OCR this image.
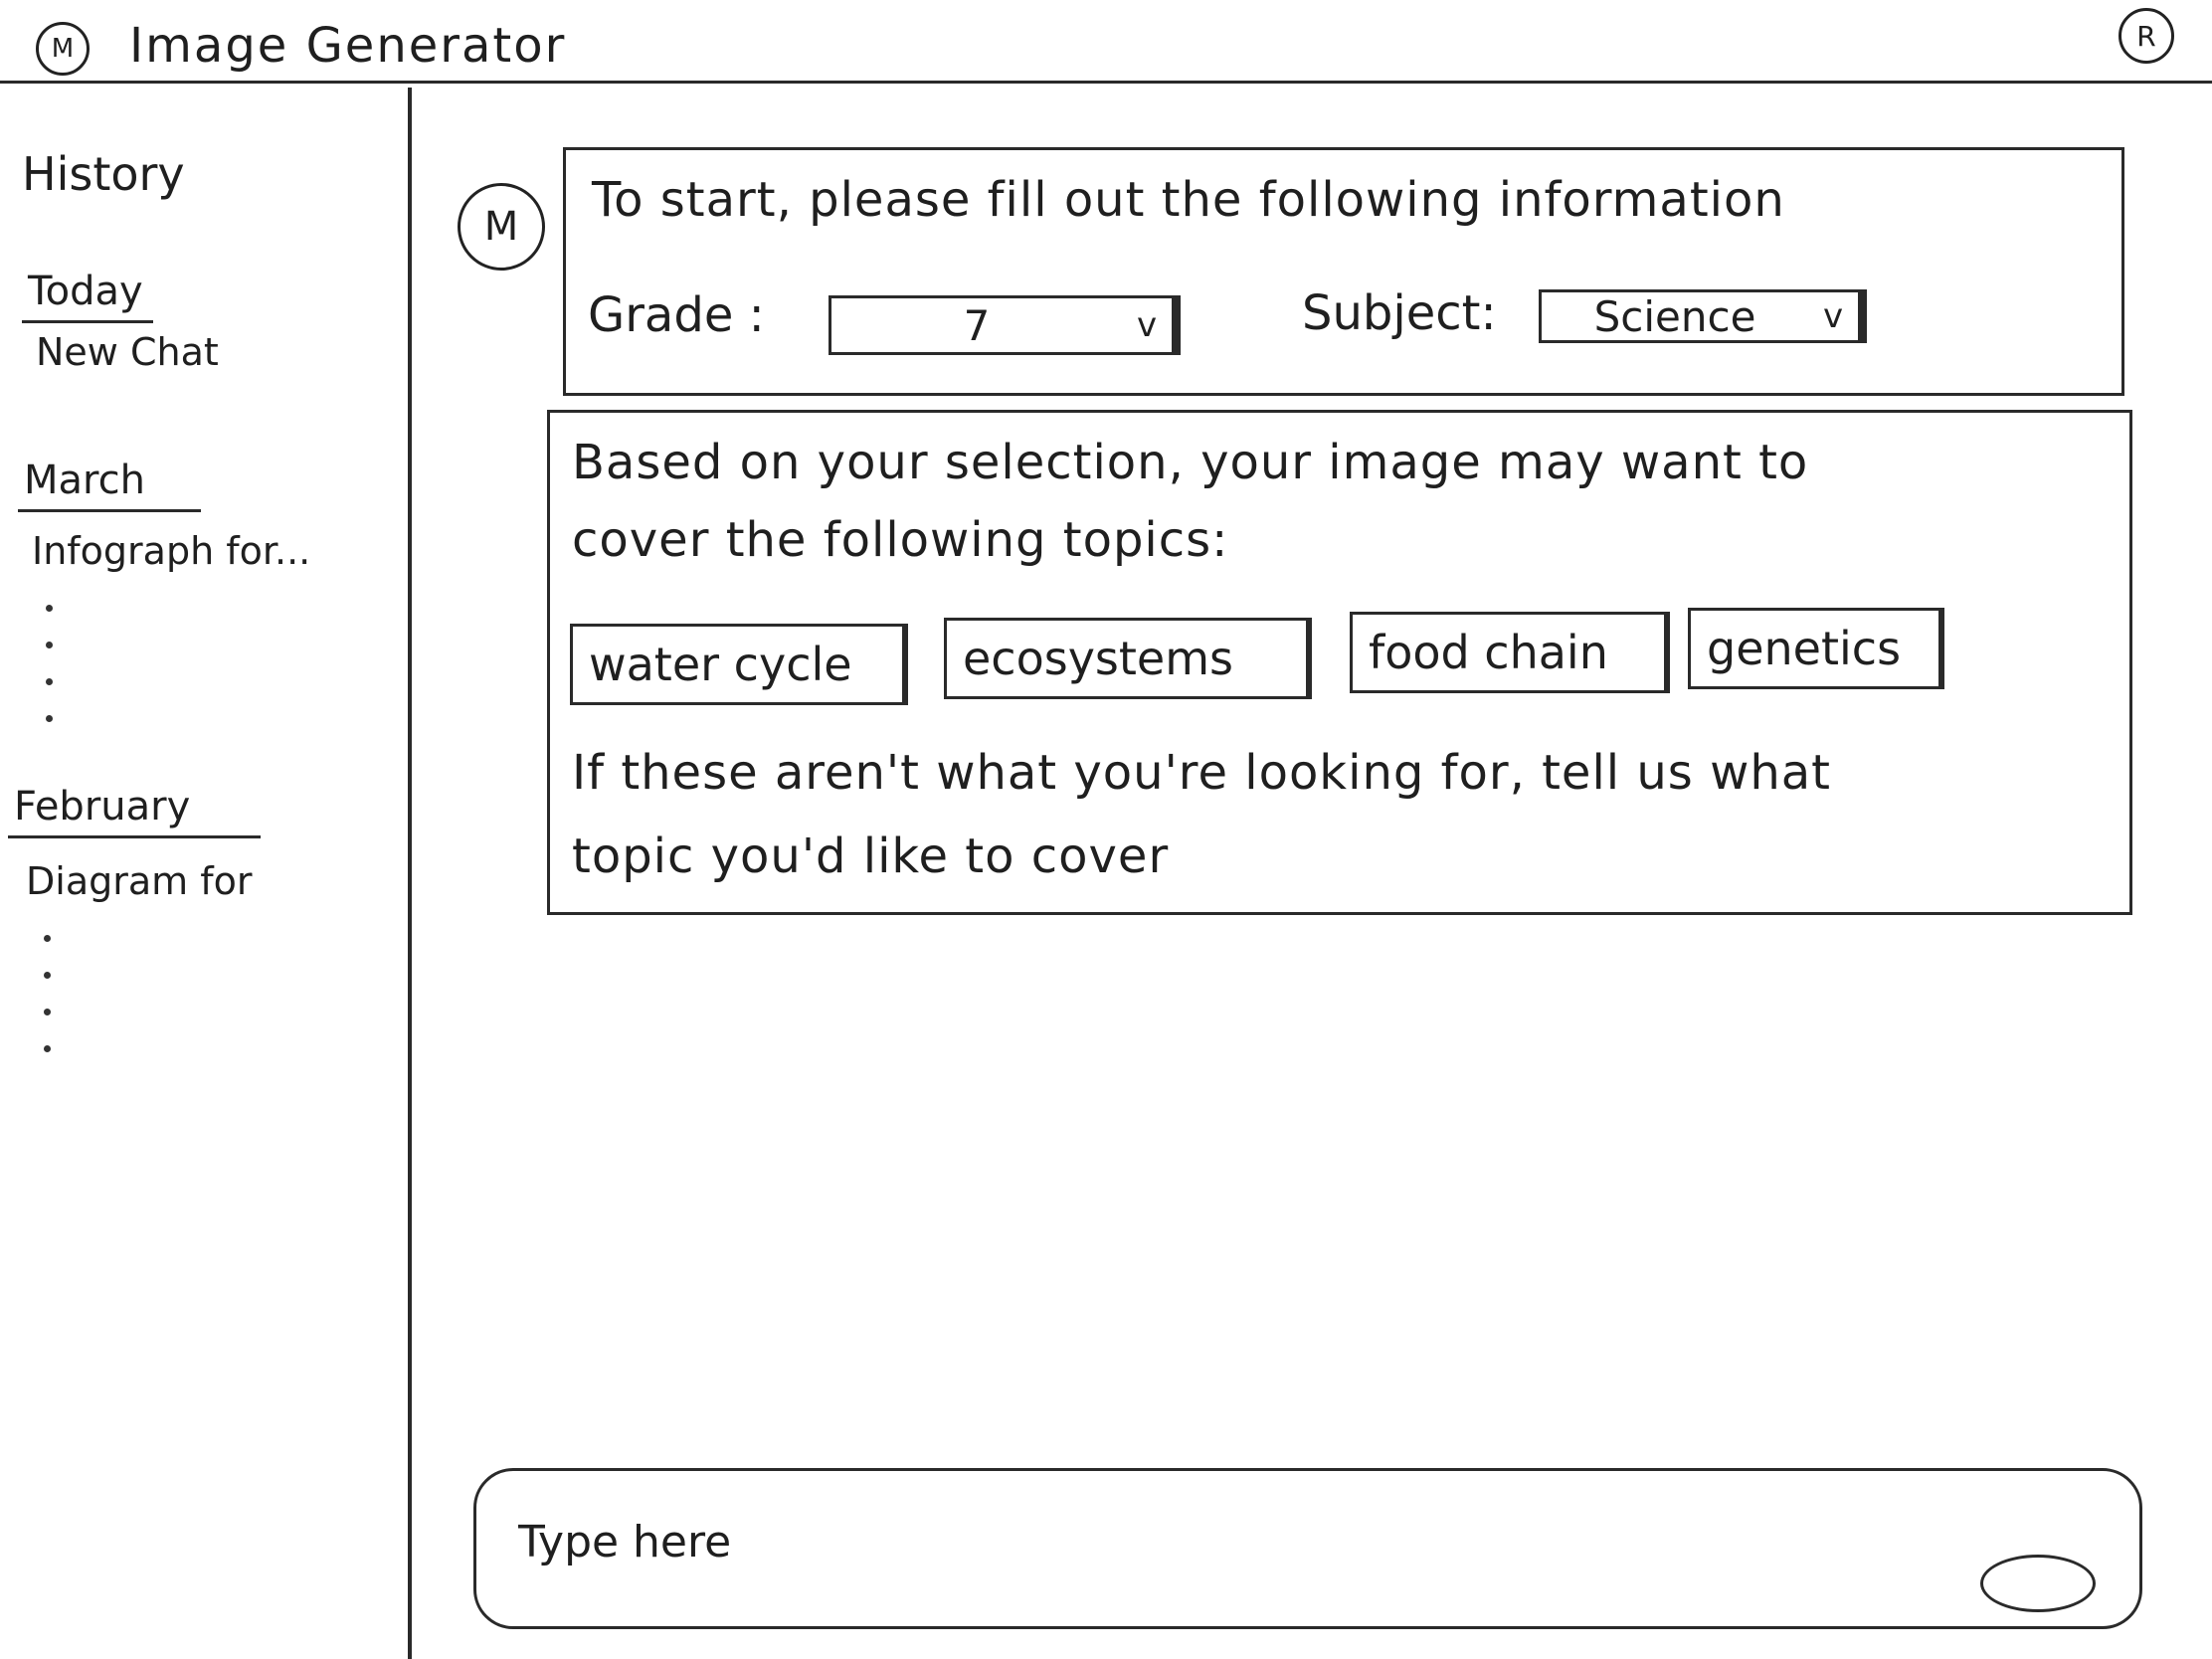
M Image Generator	R
History
Today
New Chat
March
Infograph for...
February
Diagram for
M To start, please fill out the following information
Grade :	7	v	Subject:	Science	v
Based on your selection, your image may want to
cover the following topics:
water cycle	ecosystems	food chain	genetics
If these aren't what you're looking for, tell us what
topic you'd like to cover
Type here
